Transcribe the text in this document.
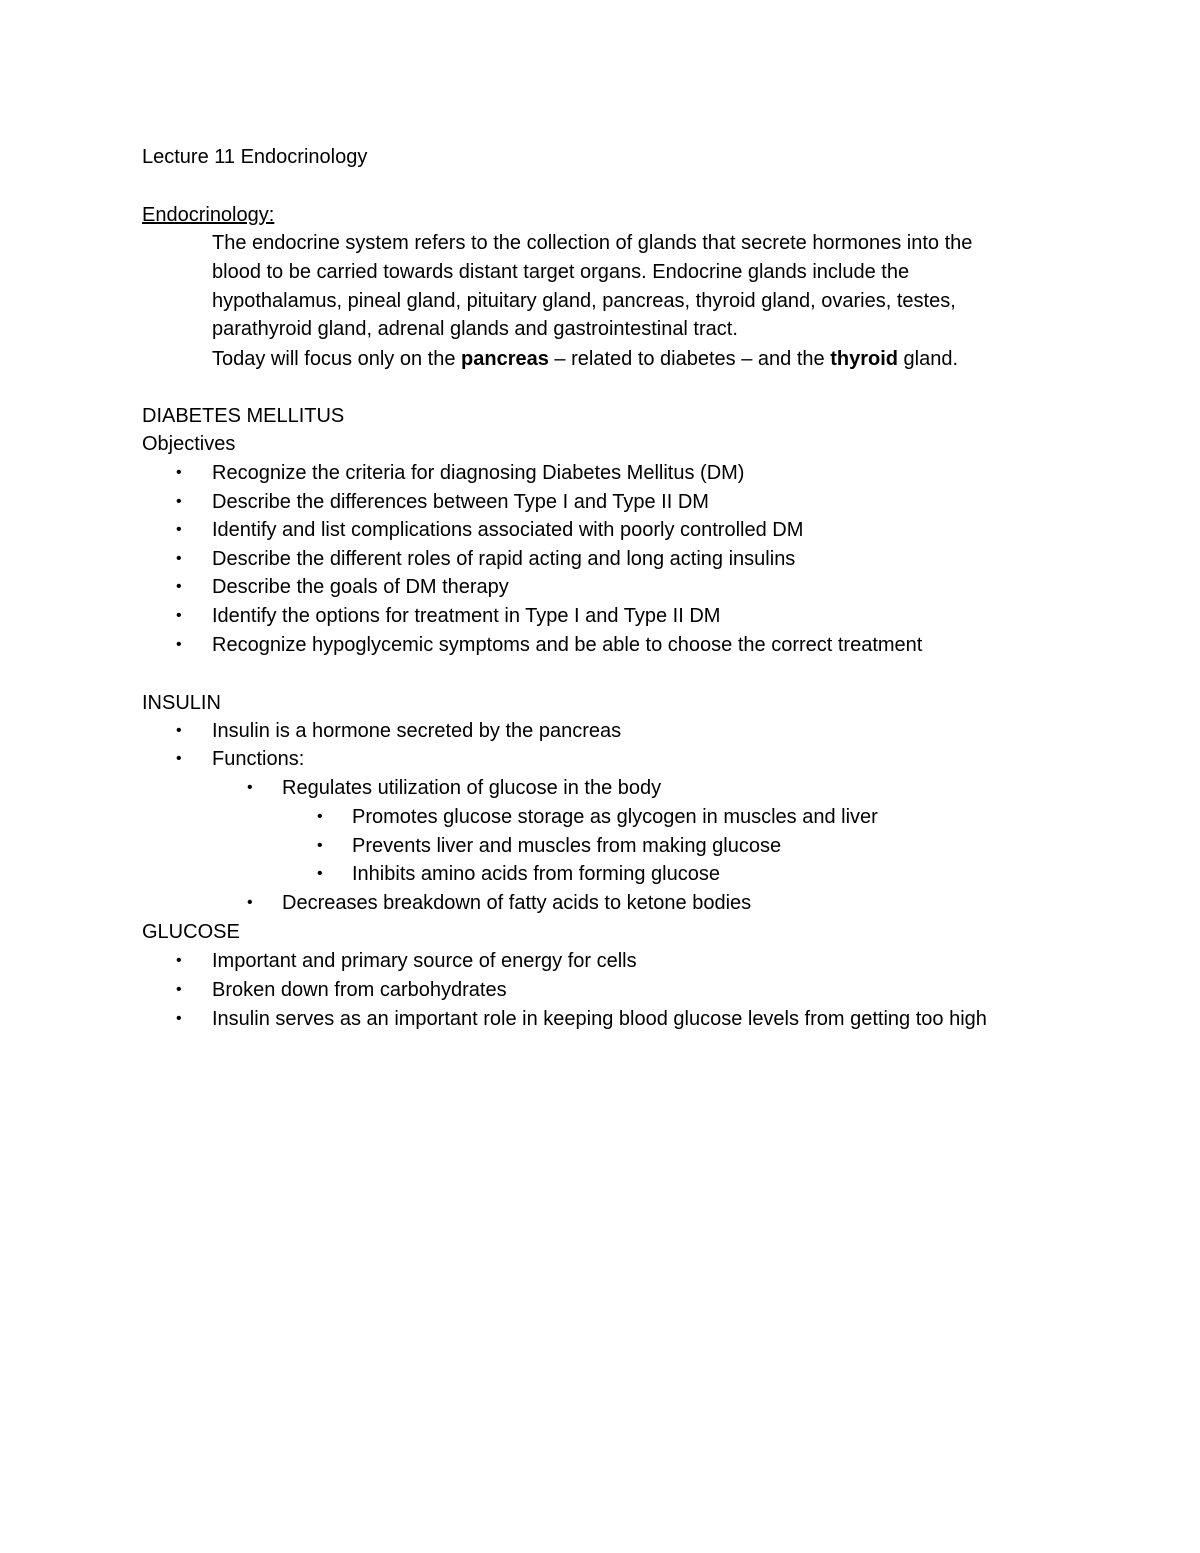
Lecture 11 Endocrinology
Endocrinology:
The endocrine system refers to the collection of glands that secrete hormones into the
blood to be carried towards distant target organs. Endocrine glands include the
hypothalamus, pineal gland, pituitary gland, pancreas, thyroid gland, ovaries, testes,
parathyroid gland, adrenal glands and gastrointestinal tract.
Today will focus only on the pancreas – related to diabetes – and the thyroid gland.
DIABETES MELLITUS
Objectives
• Recognize the criteria for diagnosing Diabetes Mellitus (DM)
• Describe the differences between Type I and Type II DM
• Identify and list complications associated with poorly controlled DM
• Describe the different roles of rapid acting and long acting insulins
• Describe the goals of DM therapy
• Identify the options for treatment in Type I and Type II DM
• Recognize hypoglycemic symptoms and be able to choose the correct treatment
INSULIN
• Insulin is a hormone secreted by the pancreas
• Functions:
• Regulates utilization of glucose in the body
• Promotes glucose storage as glycogen in muscles and liver
• Prevents liver and muscles from making glucose
• Inhibits amino acids from forming glucose
• Decreases breakdown of fatty acids to ketone bodies
GLUCOSE
• Important and primary source of energy for cells
• Broken down from carbohydrates
• Insulin serves as an important role in keeping blood glucose levels from getting too high
